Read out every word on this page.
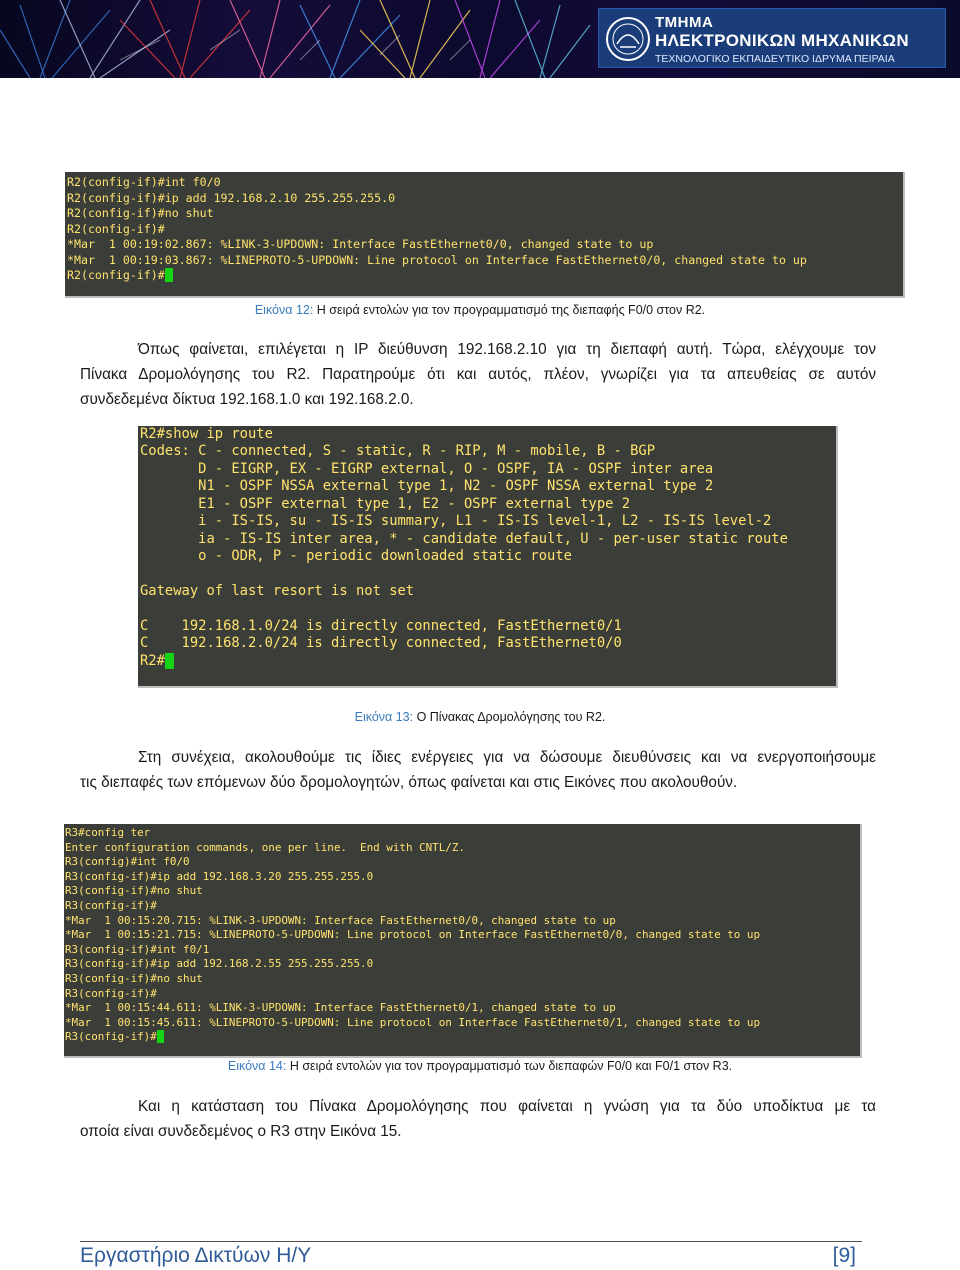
ΤΜΗΜΑ
ΗΛΕΚΤΡΟΝΙΚΩΝ ΜΗΧΑΝΙΚΩΝ
ΤΕΧΝΟΛΟΓΙΚΟ ΕΚΠΑΙΔΕΥΤΙΚΟ ΙΔΡΥΜΑ ΠΕΙΡΑΙΑ
R2(config-if)#int f0/0
R2(config-if)#ip add 192.168.2.10 255.255.255.0
R2(config-if)#no shut
R2(config-if)#
*Mar  1 00:19:02.867: %LINK-3-UPDOWN: Interface FastEthernet0/0, changed state to up
*Mar  1 00:19:03.867: %LINEPROTO-5-UPDOWN: Line protocol on Interface FastEthernet0/0, changed state to up
R2(config-if)#
Εικόνα 12: Η σειρά εντολών για τον προγραμματισμό της διεπαφής F0/0 στον R2.
Όπως φαίνεται, επιλέγεται η IP διεύθυνση 192.168.2.10 για τη διεπαφή αυτή. Τώρα, ελέγχουμε τον
Πίνακα Δρομολόγησης του R2. Παρατηρούμε ότι και αυτός, πλέον, γνωρίζει για τα απευθείας σε αυτόν
συνδεδεμένα δίκτυα 192.168.1.0 και 192.168.2.0.
R2#show ip route
Codes: C - connected, S - static, R - RIP, M - mobile, B - BGP
D - EIGRP, EX - EIGRP external, O - OSPF, IA - OSPF inter area
N1 - OSPF NSSA external type 1, N2 - OSPF NSSA external type 2
E1 - OSPF external type 1, E2 - OSPF external type 2
i - IS-IS, su - IS-IS summary, L1 - IS-IS level-1, L2 - IS-IS level-2
ia - IS-IS inter area, * - candidate default, U - per-user static route
o - ODR, P - periodic downloaded static route

Gateway of last resort is not set

C    192.168.1.0/24 is directly connected, FastEthernet0/1
C    192.168.2.0/24 is directly connected, FastEthernet0/0
R2#
Εικόνα 13: Ο Πίνακας Δρομολόγησης του R2.
Στη συνέχεια, ακολουθούμε τις ίδιες ενέργειες για να δώσουμε διευθύνσεις και να ενεργοποιήσουμε
τις διεπαφές των επόμενων δύο δρομολογητών, όπως φαίνεται και στις Εικόνες που ακολουθούν.
R3#config ter
Enter configuration commands, one per line.  End with CNTL/Z.
R3(config)#int f0/0
R3(config-if)#ip add 192.168.3.20 255.255.255.0
R3(config-if)#no shut
R3(config-if)#
*Mar  1 00:15:20.715: %LINK-3-UPDOWN: Interface FastEthernet0/0, changed state to up
*Mar  1 00:15:21.715: %LINEPROTO-5-UPDOWN: Line protocol on Interface FastEthernet0/0, changed state to up
R3(config-if)#int f0/1
R3(config-if)#ip add 192.168.2.55 255.255.255.0
R3(config-if)#no shut
R3(config-if)#
*Mar  1 00:15:44.611: %LINK-3-UPDOWN: Interface FastEthernet0/1, changed state to up
*Mar  1 00:15:45.611: %LINEPROTO-5-UPDOWN: Line protocol on Interface FastEthernet0/1, changed state to up
R3(config-if)#
Εικόνα 14: Η σειρά εντολών για τον προγραμματισμό των διεπαφών F0/0 και F0/1 στον R3.
Και η κατάσταση του Πίνακα Δρομολόγησης που φαίνεται η γνώση για τα δύο υποδίκτυα με τα
οποία είναι συνδεδεμένος ο R3 στην Εικόνα 15.
Εργαστήριο Δικτύων Η/Υ	[9]
